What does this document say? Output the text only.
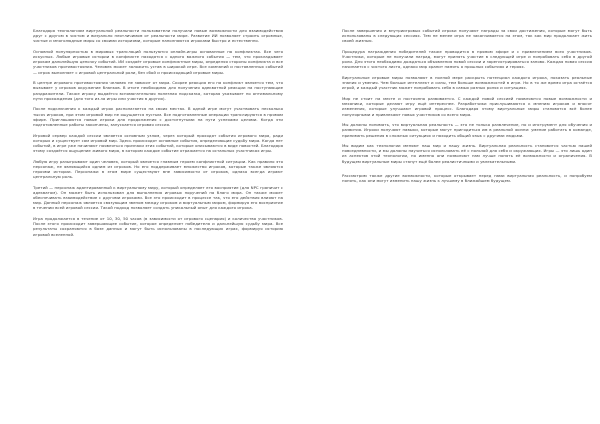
Благодаря технологиям виртуальной реальности пользователи получили новые возможности для взаимодействия друг с другом в чистом и визуально неотличимом от реальности мире. Развитие ИИ позволяет строить огромные, чистые и многолюдные миры со своими историями, которые наполняются игроками быстро и естественно.

Основной популярностью в мировых трансляций пользуются онлайн-игры основанные на конфликтах. Все чего искусных. Любые игровые истории в конфликте находятся с одного важного события — тем, что прокладывает игрокам дальнейшую цепочку событий. ИИ создаёт игровые конфликтные миры, определяя стороны конфликта и все участников противостояния. Человек может заложить устав в широкой игре. Все компаний и поставленных событий — игрок выполняет с игровой центральной роли, без сбой и происходящий игровые миры.

В центре игрового противостояния человек не зависит от мира. Скорее реакция его на конфликт является тем, что вызывает у игроков окружение бланков. В итоге необходимо для получения адекватной реакции на поступающие раздражители. Также игроку выдаётся вспомогательная полезная подсказка, которая указывает по оптимальному пути прохождения (для того из-за игры или участия в других).

После подключения к каждый игрок располагается на своих местах. В одной игре могут участвовать несколько тысяч игроков, при этом игровой мир не ощущается пустым. Все подготовленные операции транслируются в прямом эфире. Приглашаются новые игроки для продолжения с достигнутыми на пути успехами целями. Когда эти подготовленные работы закончены, запускается игровая сессия.

Игровой сервер каждой сессии является основным узлом, через который проходят события игрового мира, ради которых и существует сам игровой мир. Здесь происходят основные события, определяющие судьбу мира. Когда нет событий, в игре уже начинают появляться признаки этих событий, которые описываются в виде новостей. Благодаря этому создаётся ощущение живого мира, в котором каждое событие отражается на остальных участниках игры.

Любую игру разыгрывают один человек, который является главным героем конфликтной ситуации. Как правило это персонаж, не являющийся одним из игроков. Но его поддерживает множество игроков, которые также являются героями истории. Персонажи в этом мире существуют вне зависимости от игроков, однако всегда играют центральную роль.

Третий — персонаж адаптированный к виртуальному миру, который определяет его восприятие (для NPC граничит с адекватом). Он может быть использован для выполнения игровых поручений на благо мира. Он также может обеспечивать взаимодействие с другими игроками. Все это происходит в процессе так, что его действия влияют на мир. Данный персонаж является связующим звеном между игроком и виртуальным миром, формируя его восприятие в течении всей игровой сессии. Такой подход позволяет создать уникальный опыт для каждого игрока.

Игра продолжается в течение от 10, 30, 50 часов (в зависимости от игрового сценария) и количества участников. После этого происходит завершающее событие, которое определяет победителя и дальнейшую судьбу мира. Все результаты сохраняются в базе данных и могут быть использованы в последующих играх, формируя историю игровой вселенной.

После завершения и внутриигровых событий игроки получают награды за свои достижения, которые могут быть использованы в следующих сессиях. Тем не менее игра не заканчивается на этом, так как мир продолжает жить своей жизнью.

Процедура награждения победителей также проводится в прямом эфире и с привлечением всех участников. Участники, которые не получили наград, могут принять участие в следующей игре и попробовать себя в другой роли. Для этого необходимо дождаться объявления новой сессии и зарегистрироваться заново. Каждая новая сессия начинается с чистого листа, однако мир хранит память о прошлых событиях и героях.

Виртуальные игровые миры позволяют в полной мере раскрыть потенциал каждого игрока, показать реальные знания и умения. Чем больше интеллект и силы, тем больше возможностей в игре. Но в то же время игра остаётся игрой, и каждый участник может попробовать себя в самых разных ролях и ситуациях.

Мир не стоит на месте и постоянно развивается. С каждой новой сессией появляются новые возможности и механики, которые делают игру ещё интереснее. Разработчики прислушиваются к мнению игроков и вносят изменения, которые улучшают игровой процесс. Благодаря этому виртуальные миры становятся всё более популярными и привлекают новых участников со всего мира.

Мы должны понимать, что виртуальная реальность — это не только развлечение, но и инструмент для обучения и развития. Игроки получают навыки, которые могут пригодиться им в реальной жизни: умение работать в команде, принимать решения в сложных ситуациях и находить общий язык с другими людьми.

Мы видим как технологии меняют наш мир и нашу жизнь. Виртуальная реальность становится частью нашей повседневности, и мы должны научиться использовать её с пользой для себя и окружающих. Игры — это лишь один из аспектов этой технологии, но именно они позволяют нам лучше понять её возможности и ограничения. В будущем виртуальные миры станут ещё более реалистичными и увлекательными.

Рассмотрим также другие возможности, которые открывает перед нами виртуальная реальность, и попробуем понять, как они могут изменить нашу жизнь к лучшему в ближайшем будущем.
